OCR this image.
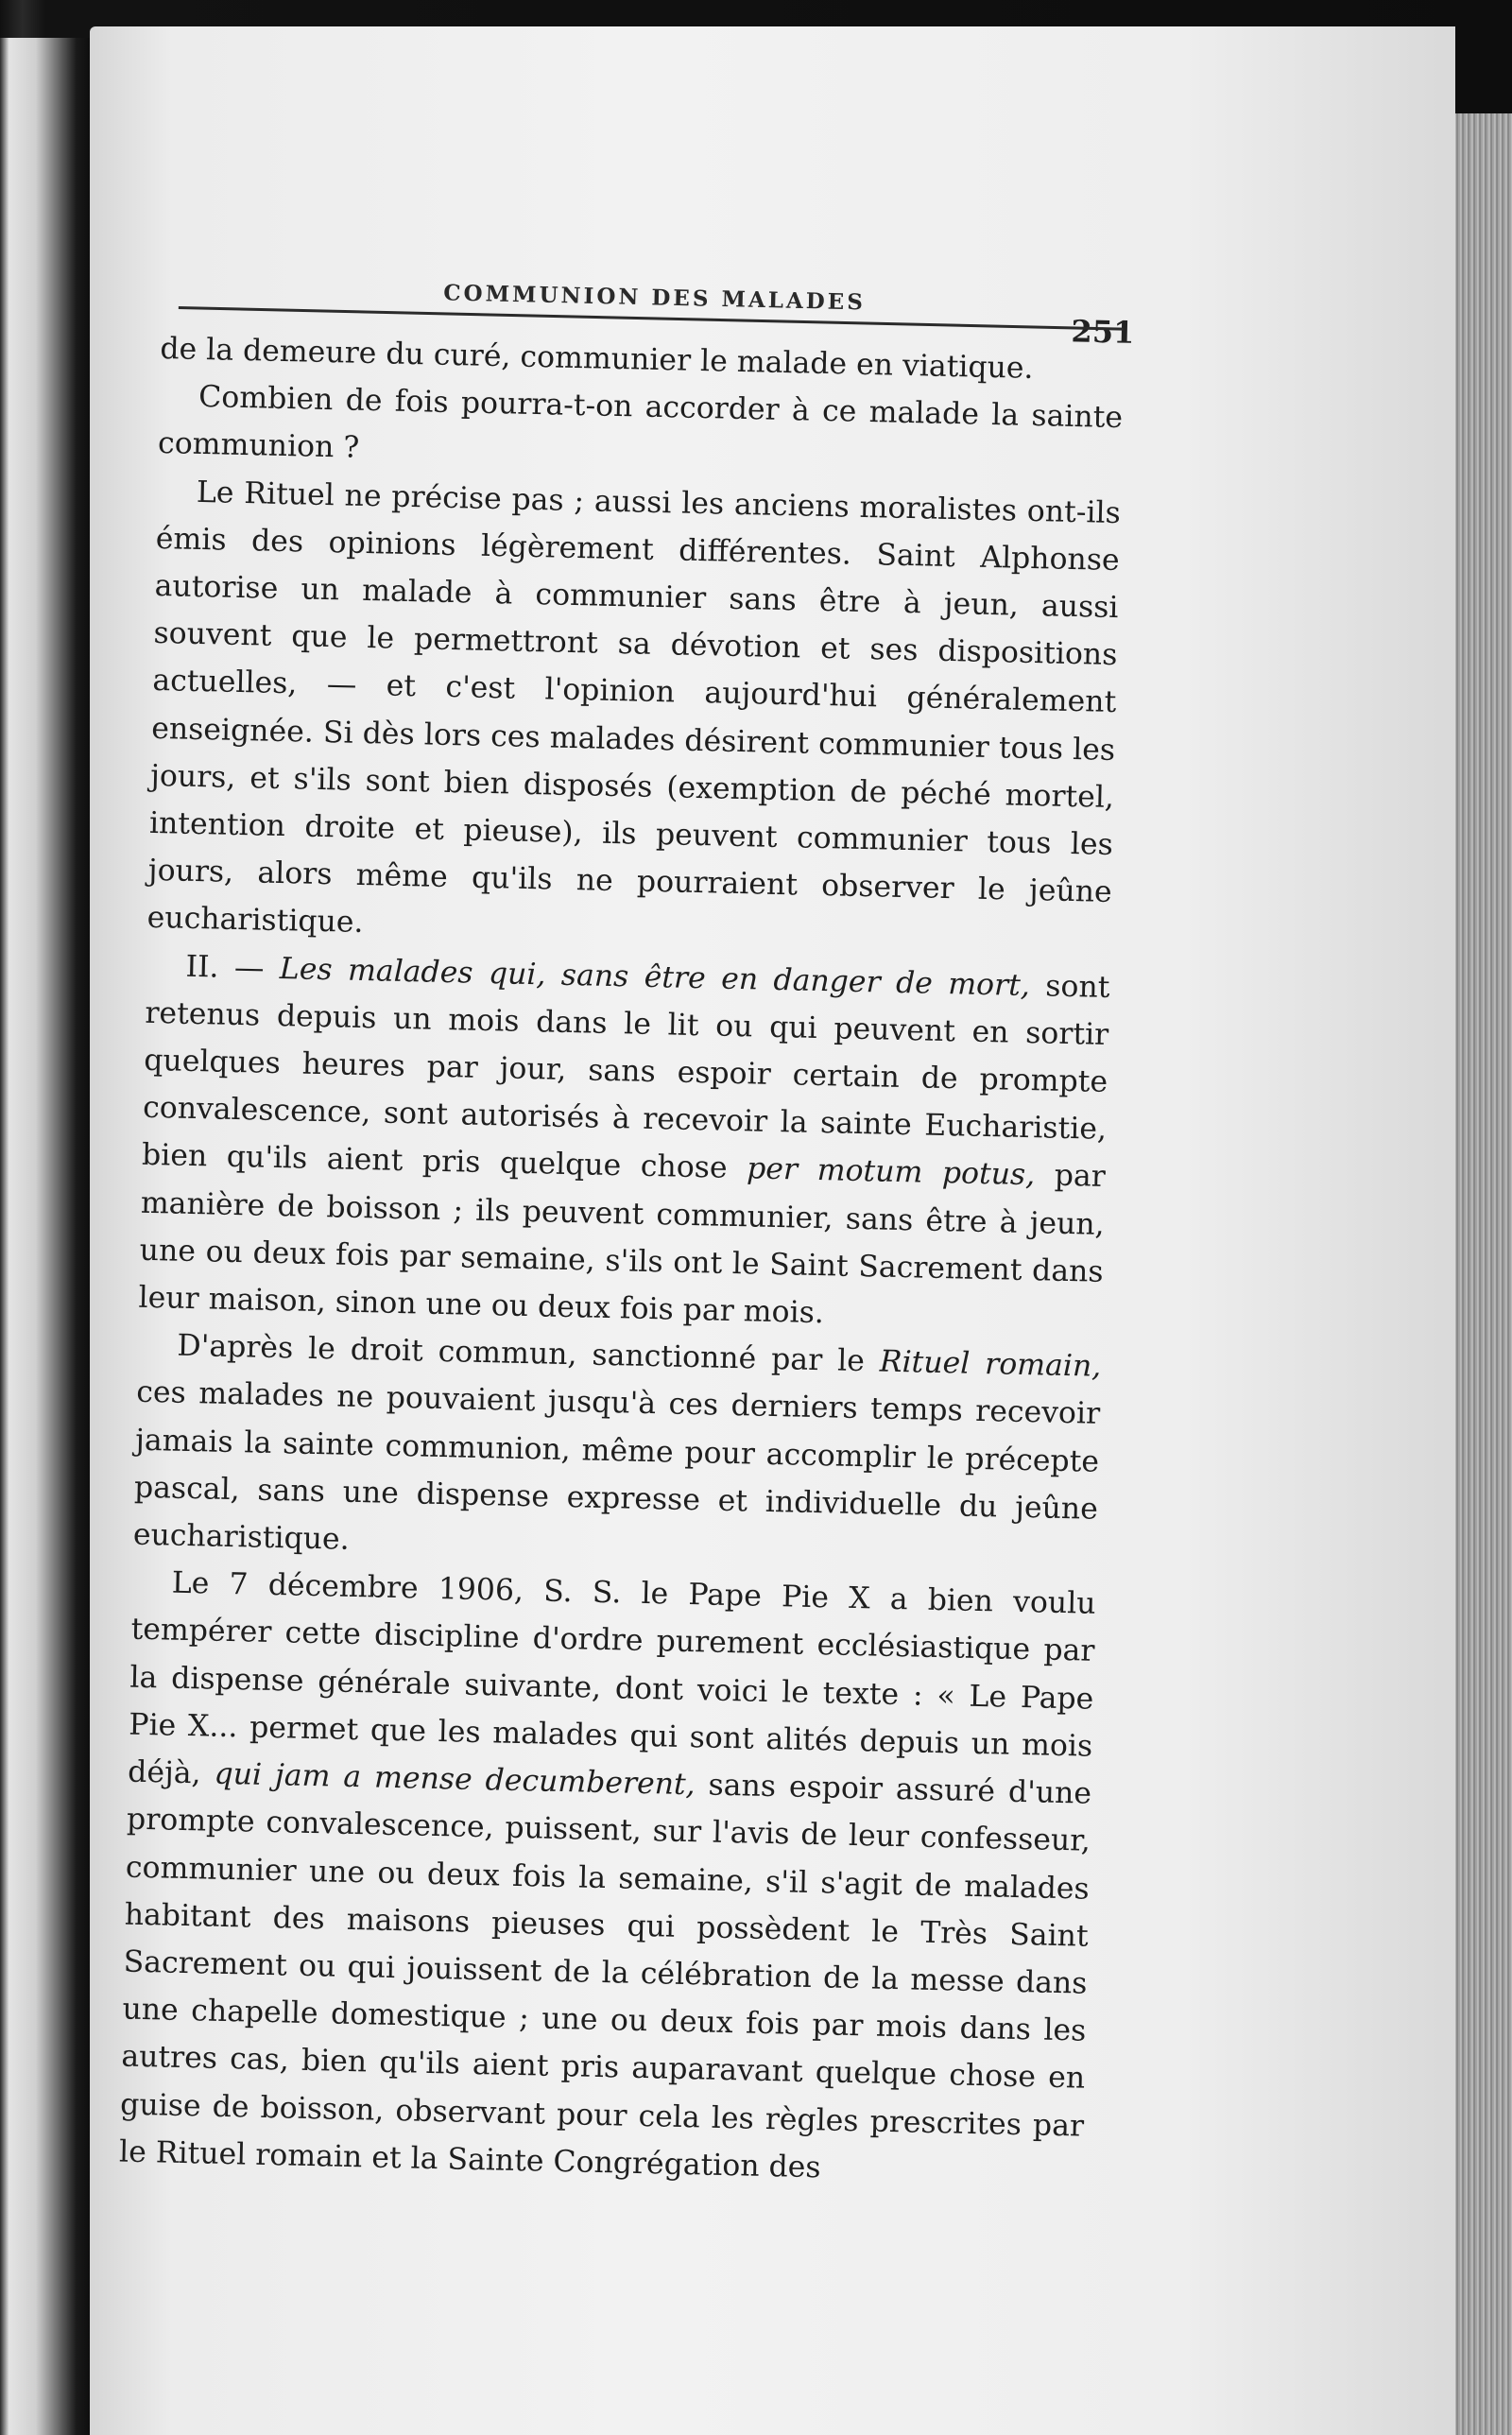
COMMUNION DES MALADES
251

de la demeure du curé, communier le malade en viatique.

Combien de fois pourra-t-on accorder à ce malade la sainte communion ?

Le Rituel ne précise pas ; aussi les anciens moralistes ont-ils émis des opinions légèrement différentes. Saint Alphonse autorise un malade à communier sans être à jeun, aussi souvent que le permettront sa dévotion et ses dispositions actuelles, — et c'est l'opinion aujourd'hui généralement enseignée. Si dès lors ces malades désirent communier tous les jours, et s'ils sont bien disposés (exemption de péché mortel, intention droite et pieuse), ils peuvent communier tous les jours, alors même qu'ils ne pourraient observer le jeûne eucharistique.

II. — Les malades qui, sans être en danger de mort, sont retenus depuis un mois dans le lit ou qui peuvent en sortir quelques heures par jour, sans espoir certain de prompte convalescence, sont autorisés à recevoir la sainte Eucharistie, bien qu'ils aient pris quelque chose per motum potus, par manière de boisson ; ils peuvent communier, sans être à jeun, une ou deux fois par semaine, s'ils ont le Saint Sacrement dans leur maison, sinon une ou deux fois par mois.

D'après le droit commun, sanctionné par le Rituel romain, ces malades ne pouvaient jusqu'à ces derniers temps recevoir jamais la sainte communion, même pour accomplir le précepte pascal, sans une dispense expresse et individuelle du jeûne eucharistique.

Le 7 décembre 1906, S. S. le Pape Pie X a bien voulu tempérer cette discipline d'ordre purement ecclésiastique par la dispense générale suivante, dont voici le texte : « Le Pape Pie X... permet que les malades qui sont alités depuis un mois déjà, qui jam a mense decumberent, sans espoir assuré d'une prompte convalescence, puissent, sur l'avis de leur confesseur, communier une ou deux fois la semaine, s'il s'agit de malades habitant des maisons pieuses qui possèdent le Très Saint Sacrement ou qui jouissent de la célébration de la messe dans une chapelle domestique ; une ou deux fois par mois dans les autres cas, bien qu'ils aient pris auparavant quelque chose en guise de boisson, observant pour cela les règles prescrites par le Rituel romain et la Sainte Congrégation des
